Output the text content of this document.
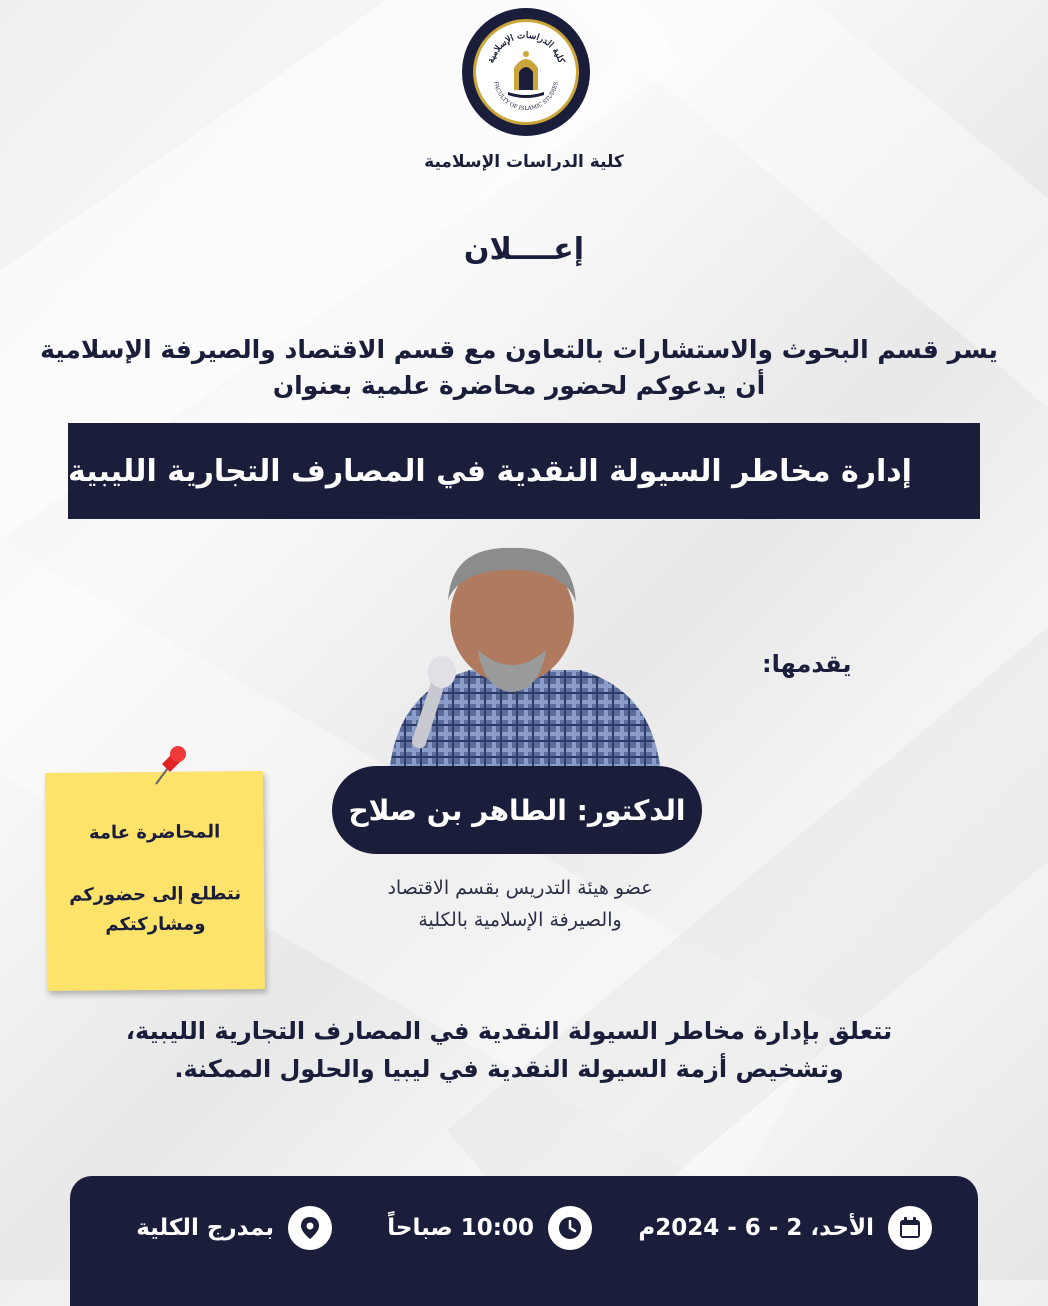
كلية الدراسات الإسلامية
FACULTY OF ISLAMIC STUDIES
كلية الدراسات الإسلامية
إعــــلان
يسر قسم البحوث والاستشارات بالتعاون مع قسم الاقتصاد والصيرفة الإسلامية
أن يدعوكم لحضور محاضرة علمية بعنوان
إدارة مخاطر السيولة النقدية في المصارف التجارية الليبية
يقدمها:
الدكتور: الطاهر بن صلاح
عضو هيئة التدريس بقسم الاقتصاد
والصيرفة الإسلامية بالكلية
المحاضرة عامة
نتطلع إلى حضوركم
ومشاركتكم
تتعلق بإدارة مخاطر السيولة النقدية في المصارف التجارية الليبية،
وتشخيص أزمة السيولة النقدية في ليبيا والحلول الممكنة.
الأحد، 2 - 6 - 2024م
10:00 صباحاً
بمدرج الكلية
